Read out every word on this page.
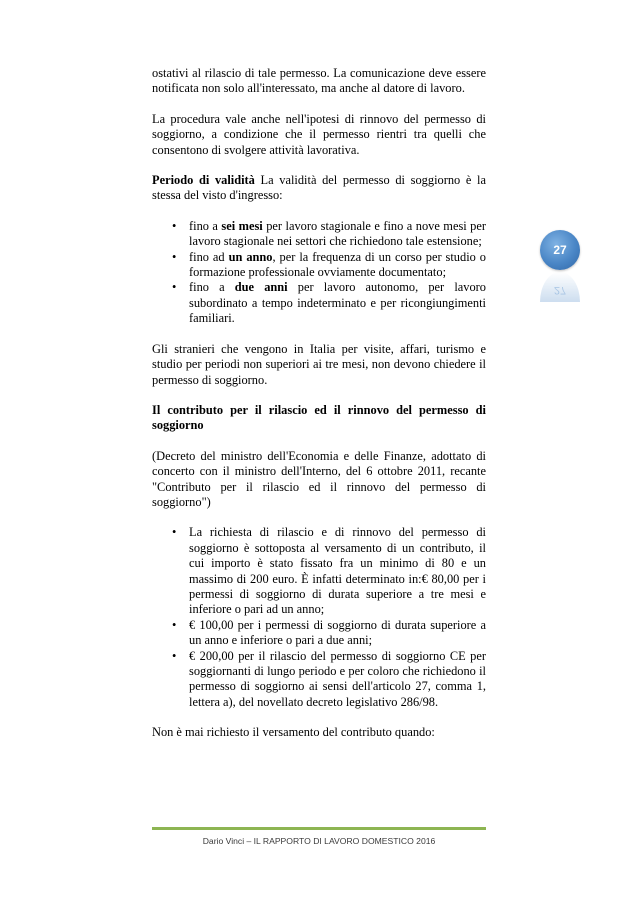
27
27

ostativi al rilascio di tale permesso. La comunicazione deve essere notificata non solo all'interessato, ma anche al datore di lavoro.

La procedura vale anche nell'ipotesi di rinnovo del permesso di soggiorno, a condizione che il permesso rientri tra quelli che consentono di svolgere attività lavorativa.

Periodo di validità La validità del permesso di soggiorno è la stessa del visto d'ingresso:

• fino a sei mesi per lavoro stagionale e fino a nove mesi per lavoro stagionale nei settori che richiedono tale estensione;
• fino ad un anno, per la frequenza di un corso per studio o formazione professionale ovviamente documentato;
• fino a due anni per lavoro autonomo, per lavoro subordinato a tempo indeterminato e per ricongiungimenti familiari.

Gli stranieri che vengono in Italia per visite, affari, turismo e studio per periodi non superiori ai tre mesi, non devono chiedere il permesso di soggiorno.

Il contributo per il rilascio ed il rinnovo del permesso di soggiorno

(Decreto del ministro dell'Economia e delle Finanze, adottato di concerto con il ministro dell'Interno, del 6 ottobre 2011, recante "Contributo per il rilascio ed il rinnovo del permesso di soggiorno")

• La richiesta di rilascio e di rinnovo del permesso di soggiorno è sottoposta al versamento di un contributo, il cui importo è stato fissato fra un minimo di 80 e un massimo di 200 euro. È infatti determinato in:€ 80,00 per i permessi di soggiorno di durata superiore a tre mesi e inferiore o pari ad un anno;
• € 100,00 per i permessi di soggiorno di durata superiore a un anno e inferiore o pari a due anni;
• € 200,00 per il rilascio del permesso di soggiorno CE per soggiornanti di lungo periodo e per coloro che richiedono il permesso di soggiorno ai sensi dell'articolo 27, comma 1, lettera a), del novellato decreto legislativo 286/98.

Non è mai richiesto il versamento del contributo quando:

Dario Vinci – IL RAPPORTO DI LAVORO DOMESTICO 2016
